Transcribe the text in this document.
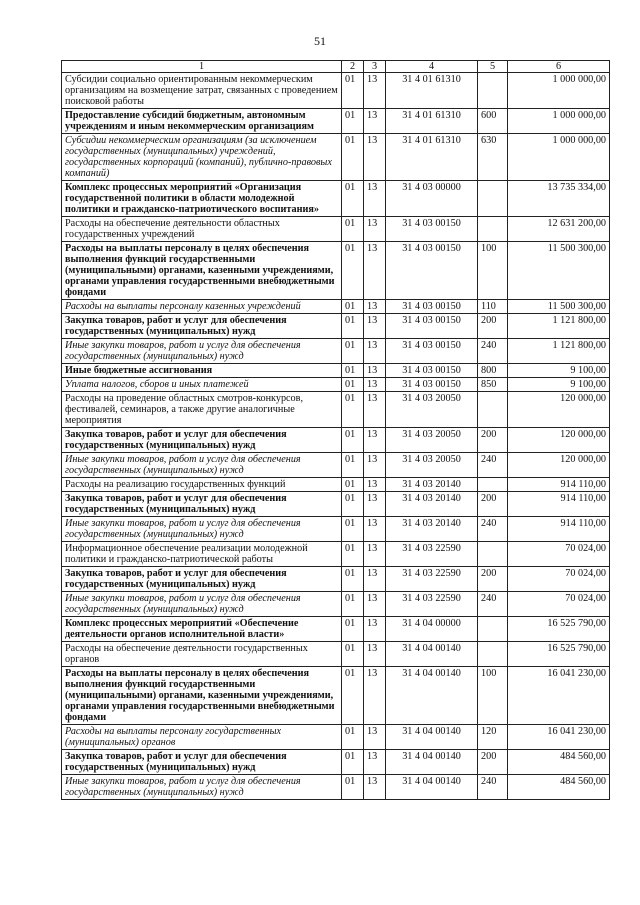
51
1	2	3	4	5	6
Субсидии социально ориентированным некоммерческим организациям на возмещение затрат, связанных с проведением поисковой работы	01	13	31 4 01 61310		1 000 000,00
Предоставление субсидий бюджетным, автономным учреждениям и иным некоммерческим организациям	01	13	31 4 01 61310	600	1 000 000,00
Субсидии некоммерческим организациям (за исключением государственных (муниципальных) учреждений, государственных корпораций (компаний), публично-правовых компаний)	01	13	31 4 01 61310	630	1 000 000,00
Комплекс процессных мероприятий «Организация государственной политики в области молодежной политики и гражданско-патриотического воспитания»	01	13	31 4 03 00000		13 735 334,00
Расходы на обеспечение деятельности областных государственных учреждений	01	13	31 4 03 00150		12 631 200,00
Расходы на выплаты персоналу в целях обеспечения выполнения функций государственными (муниципальными) органами, казенными учреждениями, органами управления государственными внебюджетными фондами	01	13	31 4 03 00150	100	11 500 300,00
Расходы на выплаты персоналу казенных учреждений	01	13	31 4 03 00150	110	11 500 300,00
Закупка товаров, работ и услуг для обеспечения государственных (муниципальных) нужд	01	13	31 4 03 00150	200	1 121 800,00
Иные закупки товаров, работ и услуг для обеспечения государственных (муниципальных) нужд	01	13	31 4 03 00150	240	1 121 800,00
Иные бюджетные ассигнования	01	13	31 4 03 00150	800	9 100,00
Уплата налогов, сборов и иных платежей	01	13	31 4 03 00150	850	9 100,00
Расходы на проведение областных смотров-конкурсов, фестивалей, семинаров, а также другие аналогичные мероприятия	01	13	31 4 03 20050		120 000,00
Закупка товаров, работ и услуг для обеспечения государственных (муниципальных) нужд	01	13	31 4 03 20050	200	120 000,00
Иные закупки товаров, работ и услуг для обеспечения государственных (муниципальных) нужд	01	13	31 4 03 20050	240	120 000,00
Расходы на реализацию государственных функций	01	13	31 4 03 20140		914 110,00
Закупка товаров, работ и услуг для обеспечения государственных (муниципальных) нужд	01	13	31 4 03 20140	200	914 110,00
Иные закупки товаров, работ и услуг для обеспечения государственных (муниципальных) нужд	01	13	31 4 03 20140	240	914 110,00
Информационное обеспечение реализации молодежной политики и гражданско-патриотической работы	01	13	31 4 03 22590		70 024,00
Закупка товаров, работ и услуг для обеспечения государственных (муниципальных) нужд	01	13	31 4 03 22590	200	70 024,00
Иные закупки товаров, работ и услуг для обеспечения государственных (муниципальных) нужд	01	13	31 4 03 22590	240	70 024,00
Комплекс процессных мероприятий «Обеспечение деятельности органов исполнительной власти»	01	13	31 4 04 00000		16 525 790,00
Расходы на обеспечение деятельности государственных органов	01	13	31 4 04 00140		16 525 790,00
Расходы на выплаты персоналу в целях обеспечения выполнения функций государственными (муниципальными) органами, казенными учреждениями, органами управления государственными внебюджетными фондами	01	13	31 4 04 00140	100	16 041 230,00
Расходы на выплаты персоналу государственных (муниципальных) органов	01	13	31 4 04 00140	120	16 041 230,00
Закупка товаров, работ и услуг для обеспечения государственных (муниципальных) нужд	01	13	31 4 04 00140	200	484 560,00
Иные закупки товаров, работ и услуг для обеспечения государственных (муниципальных) нужд	01	13	31 4 04 00140	240	484 560,00
